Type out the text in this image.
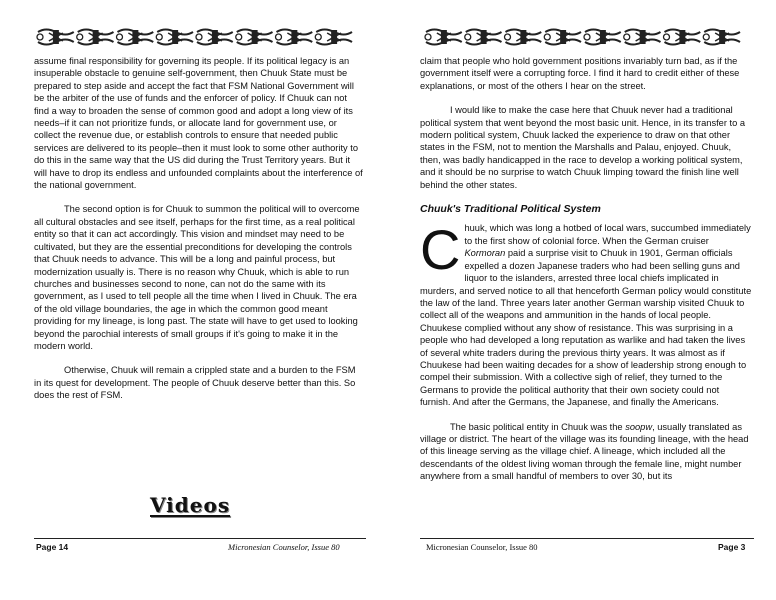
assume final responsibility for governing its people. If its political legacy is an insuperable obstacle to genuine self-government, then Chuuk State must be prepared to step aside and accept the fact that FSM National Government will be the arbiter of the use of funds and the enforcer of policy. If Chuuk can not find a way to broaden the sense of common good and adopt a long view of its needs–if it can not prioritize funds, or allocate land for government use, or collect the revenue due, or establish controls to ensure that needed public services are delivered to its people–then it must look to some other authority to do this in the same way that the US did during the Trust Territory years. But it will have to drop its endless and unfounded complaints about the interference of the national government.

The second option is for Chuuk to summon the political will to overcome all cultural obstacles and see itself, perhaps for the first time, as a real political entity so that it can act accordingly. This vision and mindset may need to be cultivated, but they are the essential preconditions for developing the controls that Chuuk needs to advance. This will be a long and painful process, but modernization usually is. There is no reason why Chuuk, which is able to run churches and businesses second to none, can not do the same with its government, as I used to tell people all the time when I lived in Chuuk. The era of the old village boundaries, the age in which the common good meant providing for my lineage, is long past. The state will have to get used to looking beyond the parochial interests of small groups if it's going to make it in the modern world.

Otherwise, Chuuk will remain a crippled state and a burden to the FSM in its quest for development. The people of Chuuk deserve better than this. So does the rest of FSM.

Videos
Page 14	Micronesian Counselor, Issue 80

claim that people who hold government positions invariably turn bad, as if the government itself were a corrupting force. I find it hard to credit either of these explanations, or most of the others I hear on the street.

I would like to make the case here that Chuuk never had a traditional political system that went beyond the most basic unit. Hence, in its transfer to a modern political system, Chuuk lacked the experience to draw on that other states in the FSM, not to mention the Marshalls and Palau, enjoyed. Chuuk, then, was badly handicapped in the race to develop a working political system, and it should be no surprise to watch Chuuk limping toward the finish line well behind the other states.

Chuuk's Traditional Political System

Chuuk, which was long a hotbed of local wars, succumbed immediately to the first show of colonial force. When the German cruiser Kormoran paid a surprise visit to Chuuk in 1901, German officials expelled a dozen Japanese traders who had been selling guns and liquor to the islanders, arrested three local chiefs implicated in murders, and served notice to all that henceforth German policy would constitute the law of the land. Three years later another German warship visited Chuuk to collect all of the weapons and ammunition in the hands of local people. Chuukese complied without any show of resistance. This was surprising in a people who had developed a long reputation as warlike and had taken the lives of several white traders during the previous thirty years. It was almost as if Chuukese had been waiting decades for a show of leadership strong enough to compel their submission. With a collective sigh of relief, they turned to the Germans to provide the political authority that their own society could not furnish. And after the Germans, the Japanese, and finally the Americans.

The basic political entity in Chuuk was the soopw, usually translated as village or district. The heart of the village was its founding lineage, with the head of this lineage serving as the village chief. A lineage, which included all the descendants of the oldest living woman through the female line, might number anywhere from a small handful of members to over 30, but its

Micronesian Counselor, Issue 80	Page 3
